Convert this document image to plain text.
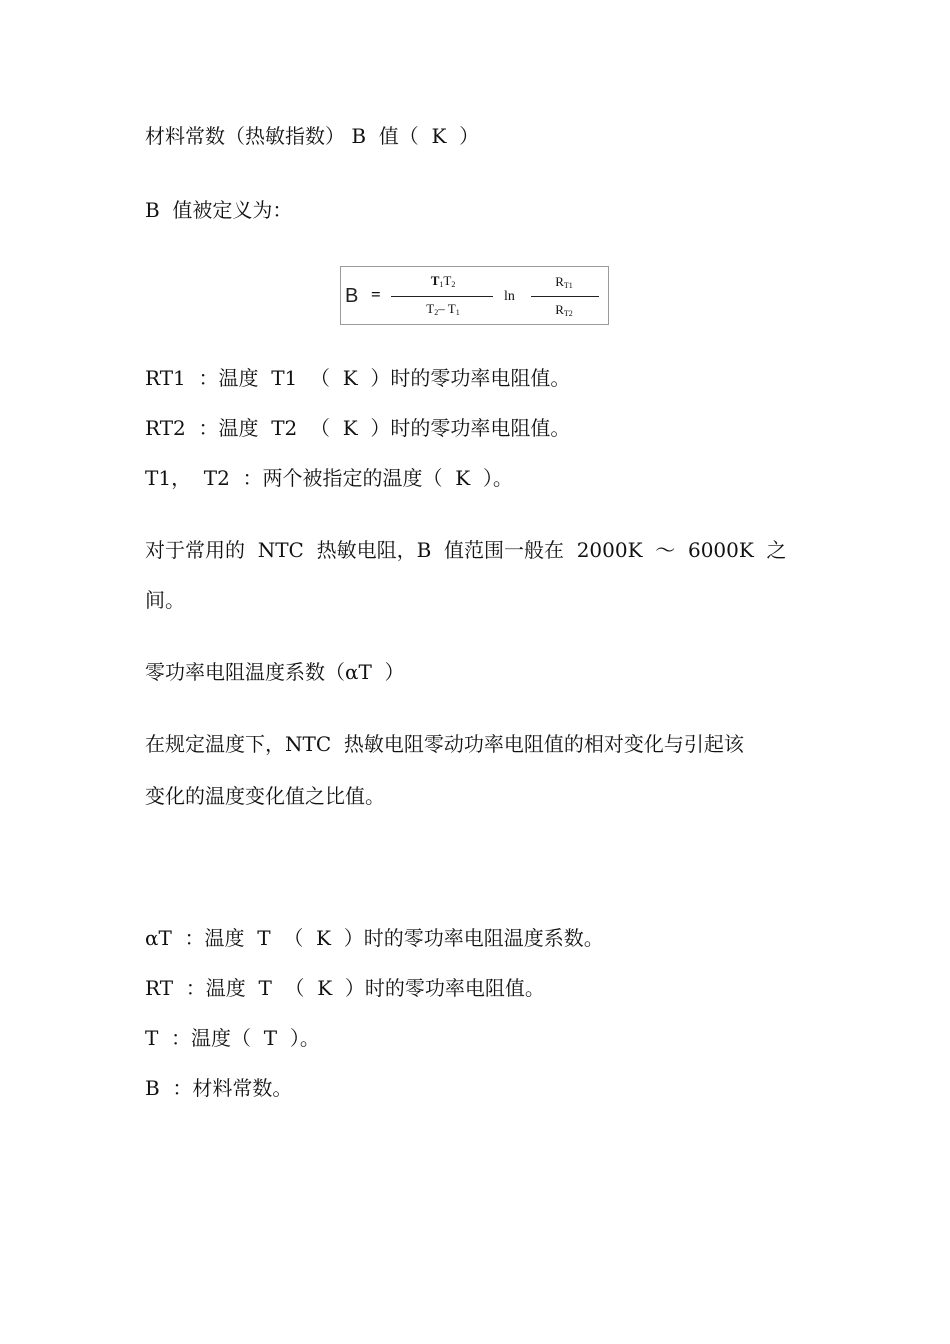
材料常数（热敏指数） B  值（  K  ）
B  值被定义为：
B =
$T_1T_2$
$T_2-$ $T_1$
ln
$R_{T1}$
$R_{T2}$
RT1  ：温度  T1  （  K  ）时的零功率电阻值。
RT2  ：温度  T2  （  K  ）时的零功率电阻值。
T1，  T2  ：两个被指定的温度（  K  ）。
对于常用的  NTC  热敏电阻，B  值范围一般在  2000K  ～  6000K  之
间。
零功率电阻温度系数（αT  ）
在规定温度下，NTC  热敏电阻零动功率电阻值的相对变化与引起该
变化的温度变化值之比值。
αT  ：温度  T  （  K  ）时的零功率电阻温度系数。
RT  ：温度  T  （  K  ）时的零功率电阻值。
T  ：温度（  T  ）。
B  ：材料常数。
